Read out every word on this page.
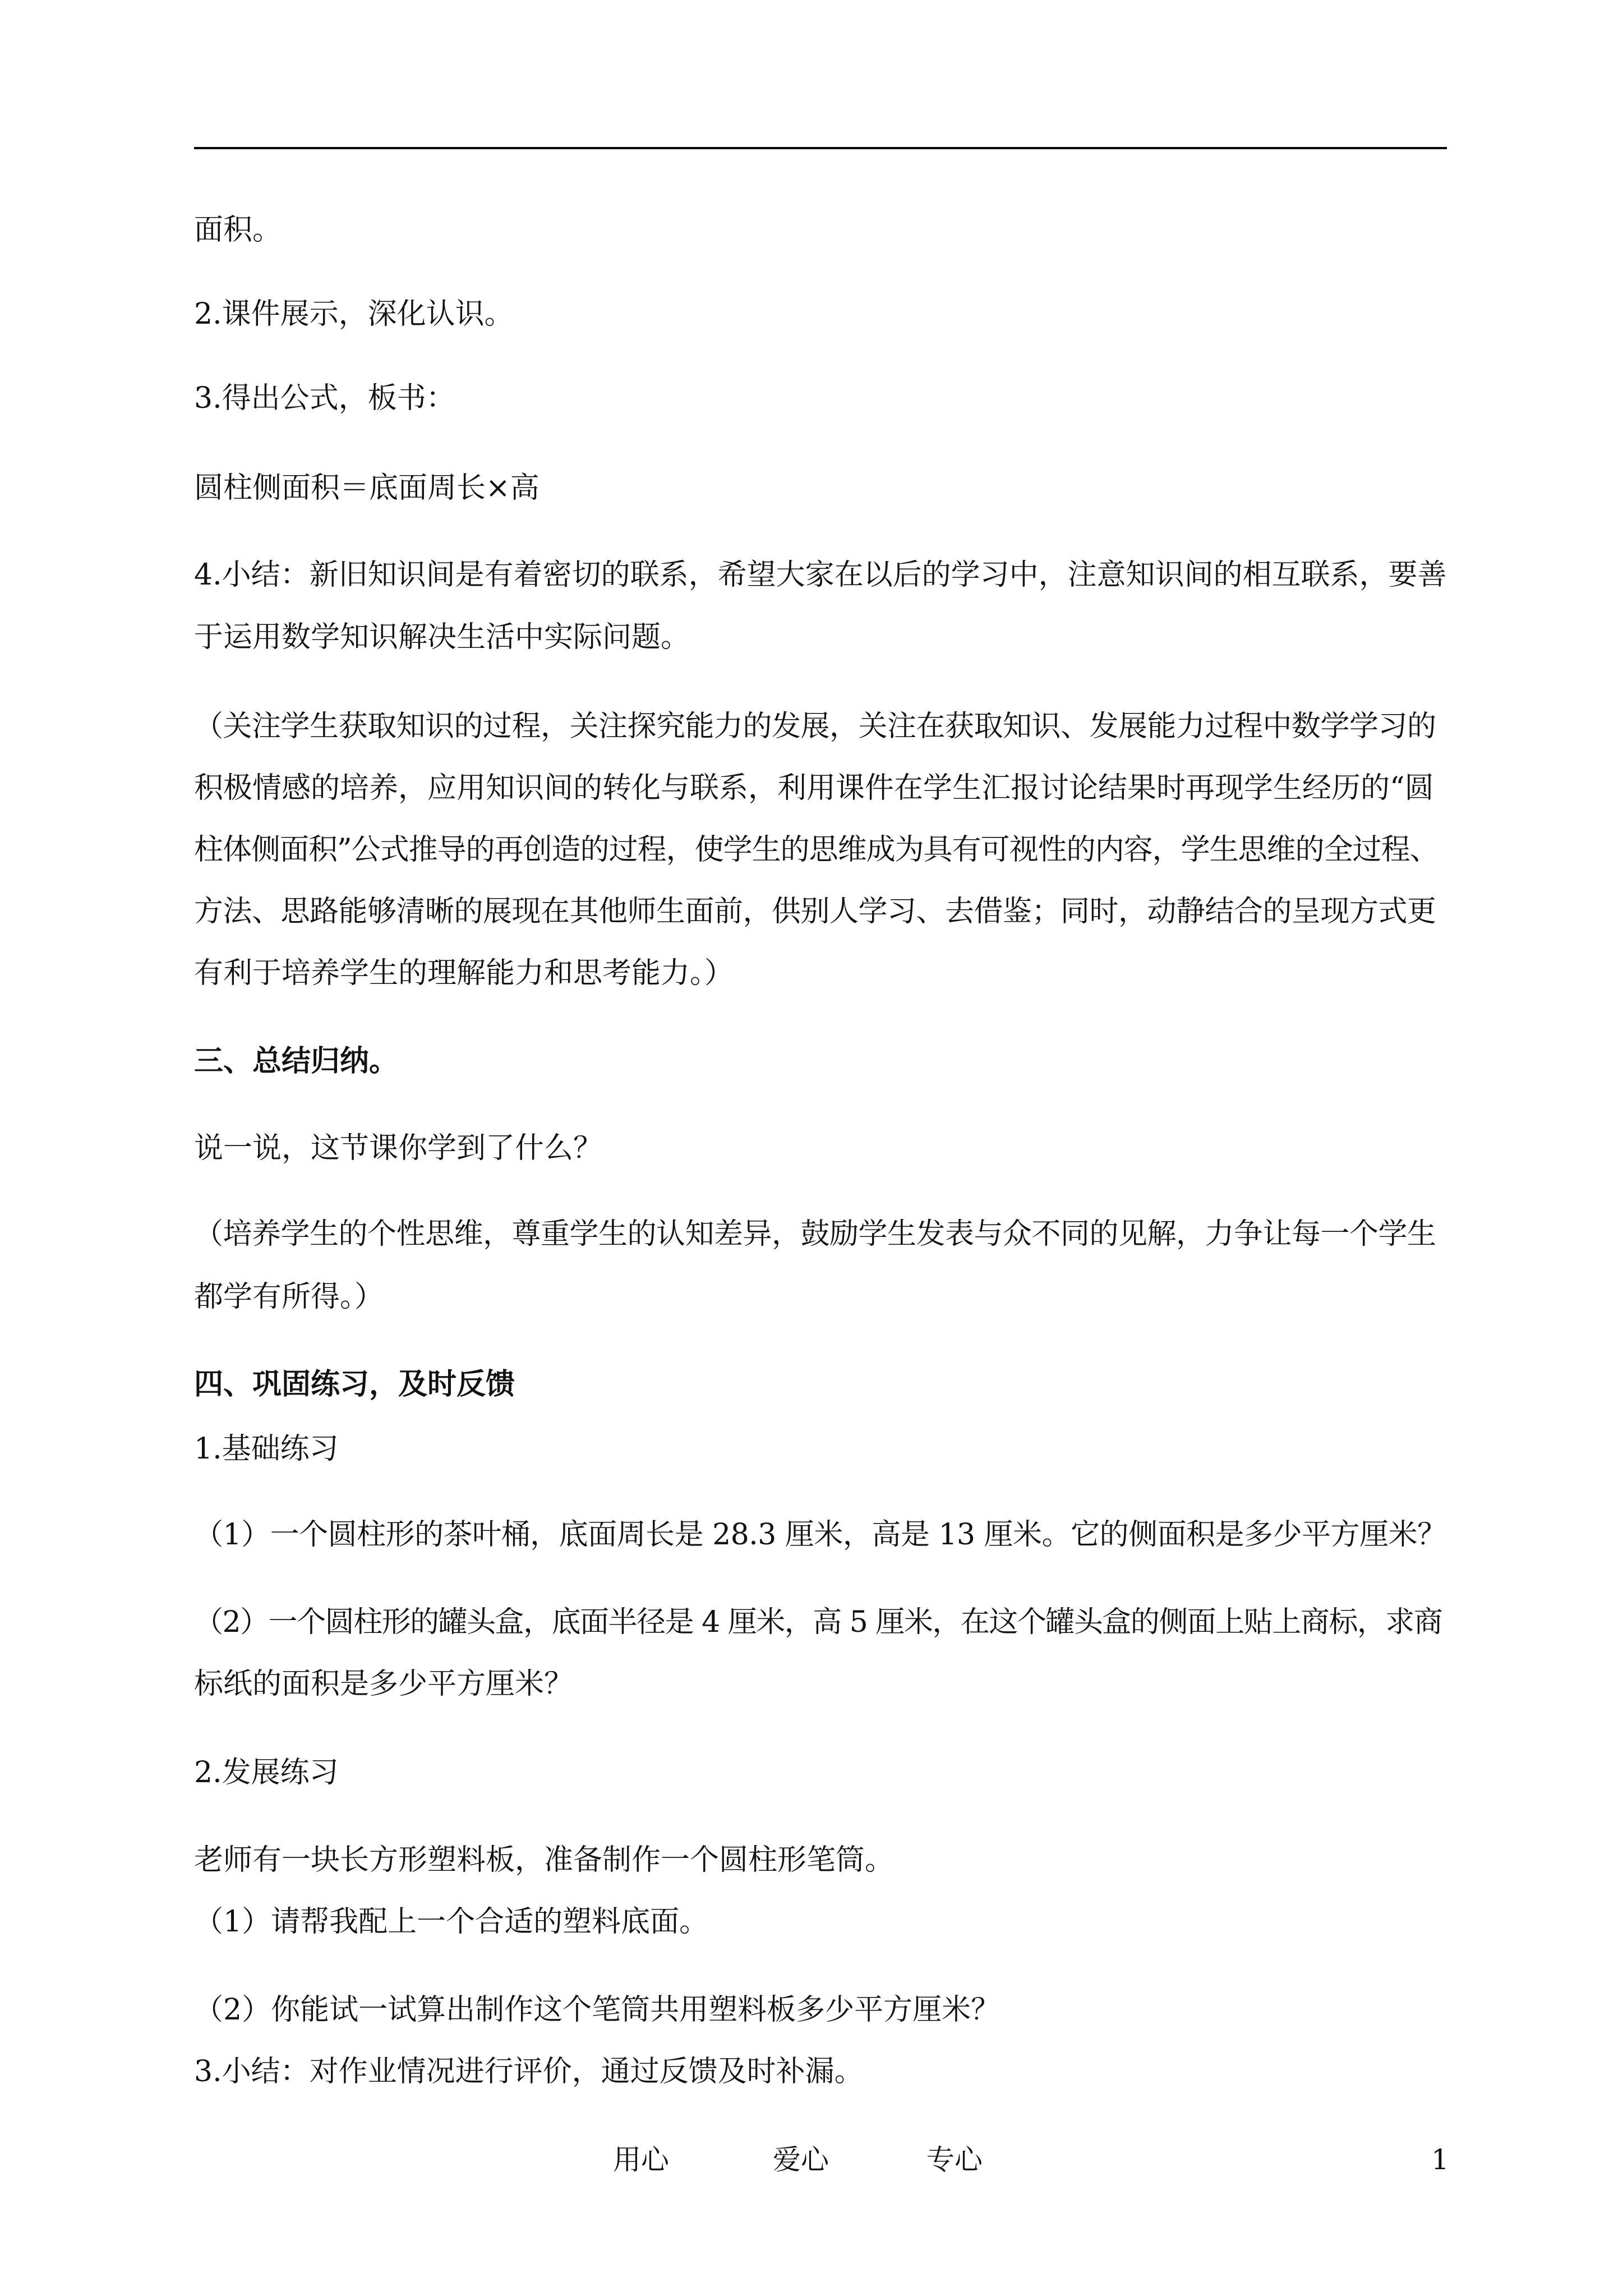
面积。
2.课件展示，深化认识。
3.得出公式，板书：
圆柱侧面积＝底面周长×高
4.小结：新旧知识间是有着密切的联系，希望大家在以后的学习中，注意知识间的相互联系，要善
于运用数学知识解决生活中实际问题。
（关注学生获取知识的过程，关注探究能力的发展，关注在获取知识、发展能力过程中数学学习的
积极情感的培养，应用知识间的转化与联系，利用课件在学生汇报讨论结果时再现学生经历的“圆
柱体侧面积”公式推导的再创造的过程，使学生的思维成为具有可视性的内容，学生思维的全过程、
方法、思路能够清晰的展现在其他师生面前，供别人学习、去借鉴；同时，动静结合的呈现方式更
有利于培养学生的理解能力和思考能力。）
三、总结归纳。
说一说，这节课你学到了什么？
（培养学生的个性思维，尊重学生的认知差异，鼓励学生发表与众不同的见解，力争让每一个学生
都学有所得。）
四、巩固练习，及时反馈
1.基础练习
（1）一个圆柱形的茶叶桶，底面周长是 28.3 厘米，高是 13 厘米。它的侧面积是多少平方厘米？
（2）一个圆柱形的罐头盒，底面半径是 4 厘米，高 5 厘米，在这个罐头盒的侧面上贴上商标，求商
标纸的面积是多少平方厘米？
2.发展练习
老师有一块长方形塑料板，准备制作一个圆柱形笔筒。
（1）请帮我配上一个合适的塑料底面。
（2）你能试一试算出制作这个笔筒共用塑料板多少平方厘米？
3.小结：对作业情况进行评价，通过反馈及时补漏。
用心	爱心	专心	1
